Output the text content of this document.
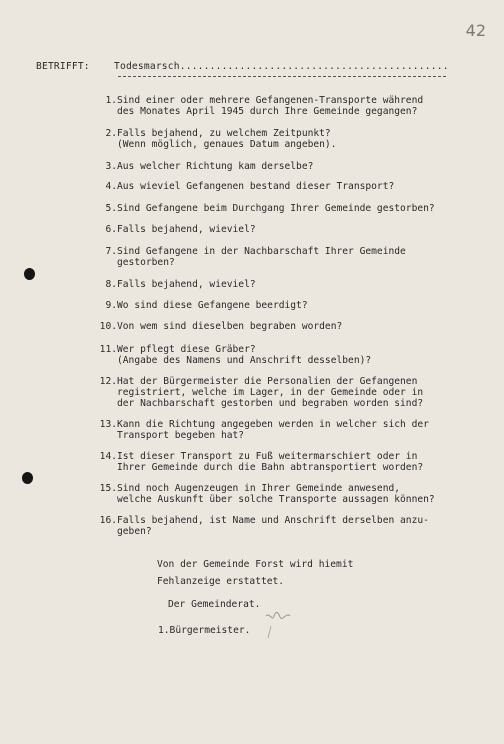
42
BETRIFFT:	Todesmarsch.............................................
1. Sind einer oder mehrere Gefangenen-Transporte während
des Monates April 1945 durch Ihre Gemeinde gegangen?
2. Falls bejahend, zu welchem Zeitpunkt?
(Wenn möglich, genaues Datum angeben).
3. Aus welcher Richtung kam derselbe?
4. Aus wieviel Gefangenen bestand dieser Transport?
5. Sind Gefangene beim Durchgang Ihrer Gemeinde gestorben?
6. Falls bejahend, wieviel?
7. Sind Gefangene in der Nachbarschaft Ihrer Gemeinde
gestorben?
8. Falls bejahend, wieviel?
9. Wo sind diese Gefangene beerdigt?
10. Von wem sind dieselben begraben worden?
11. Wer pflegt diese Gräber?
(Angabe des Namens und Anschrift desselben)?
12. Hat der Bürgermeister die Personalien der Gefangenen
registriert, welche im Lager, in der Gemeinde oder in
der Nachbarschaft gestorben und begraben worden sind?
13. Kann die Richtung angegeben werden in welcher sich der
Transport begeben hat?
14. Ist dieser Transport zu Fuß weitermarschiert oder in
Ihrer Gemeinde durch die Bahn abtransportiert worden?
15. Sind noch Augenzeugen in Ihrer Gemeinde anwesend,
welche Auskunft über solche Transporte aussagen können?
16. Falls bejahend, ist Name und Anschrift derselben anzu-
geben?
Von der Gemeinde Forst wird hiemit
Fehlanzeige erstattet.
Der Gemeinderat.
1.Bürgermeister.
